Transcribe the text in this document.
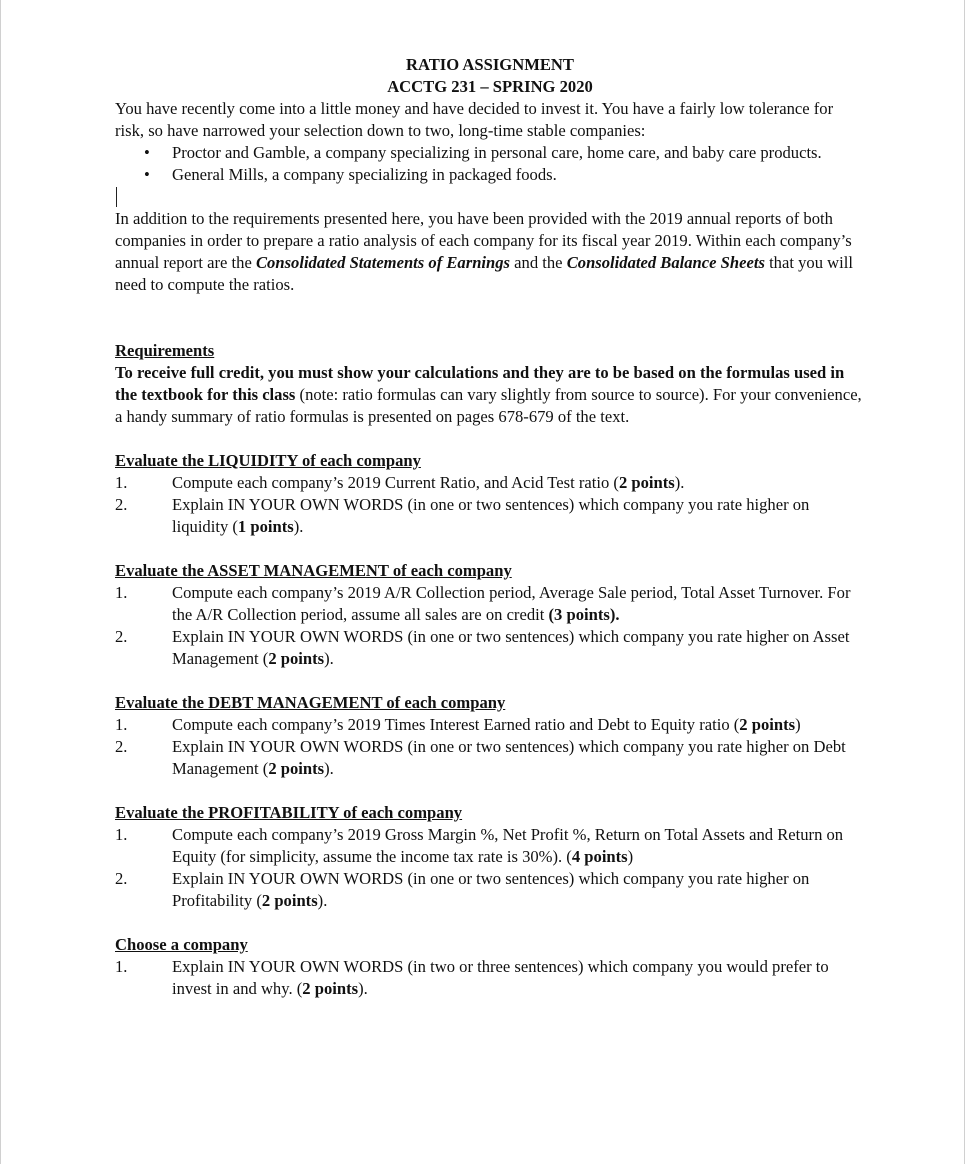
RATIO ASSIGNMENT

ACCTG 231 – SPRING 2020

You have recently come into a little money and have decided to invest it. You have a fairly low tolerance for risk, so have narrowed your selection down to two, long-time stable companies:

• Proctor and Gamble, a company specializing in personal care, home care, and baby care products.
• General Mills, a company specializing in packaged foods.

In addition to the requirements presented here, you have been provided with the 2019 annual reports of both companies in order to prepare a ratio analysis of each company for its fiscal year 2019. Within each company’s annual report are the Consolidated Statements of Earnings and the Consolidated Balance Sheets that you will need to compute the ratios.

Requirements

To receive full credit, you must show your calculations and they are to be based on the formulas used in the textbook for this class (note: ratio formulas can vary slightly from source to source). For your convenience, a handy summary of ratio formulas is presented on pages 678-679 of the text.

Evaluate the LIQUIDITY of each company

1.	Compute each company’s 2019 Current Ratio, and Acid Test ratio (2 points).
2.	Explain IN YOUR OWN WORDS (in one or two sentences) which company you rate higher on liquidity (1 points).

Evaluate the ASSET MANAGEMENT of each company

1.	Compute each company’s 2019 A/R Collection period, Average Sale period, Total Asset Turnover. For the A/R Collection period, assume all sales are on credit (3 points).
2.	Explain IN YOUR OWN WORDS (in one or two sentences) which company you rate higher on Asset Management (2 points).

Evaluate the DEBT MANAGEMENT of each company

1.	Compute each company’s 2019 Times Interest Earned ratio and Debt to Equity ratio (2 points)
2.	Explain IN YOUR OWN WORDS (in one or two sentences) which company you rate higher on Debt Management (2 points).

Evaluate the PROFITABILITY of each company

1.	Compute each company’s 2019 Gross Margin %, Net Profit %, Return on Total Assets and Return on Equity (for simplicity, assume the income tax rate is 30%). (4 points)
2.	Explain IN YOUR OWN WORDS (in one or two sentences) which company you rate higher on Profitability (2 points).

Choose a company

1.	Explain IN YOUR OWN WORDS (in two or three sentences) which company you would prefer to invest in and why. (2 points).
